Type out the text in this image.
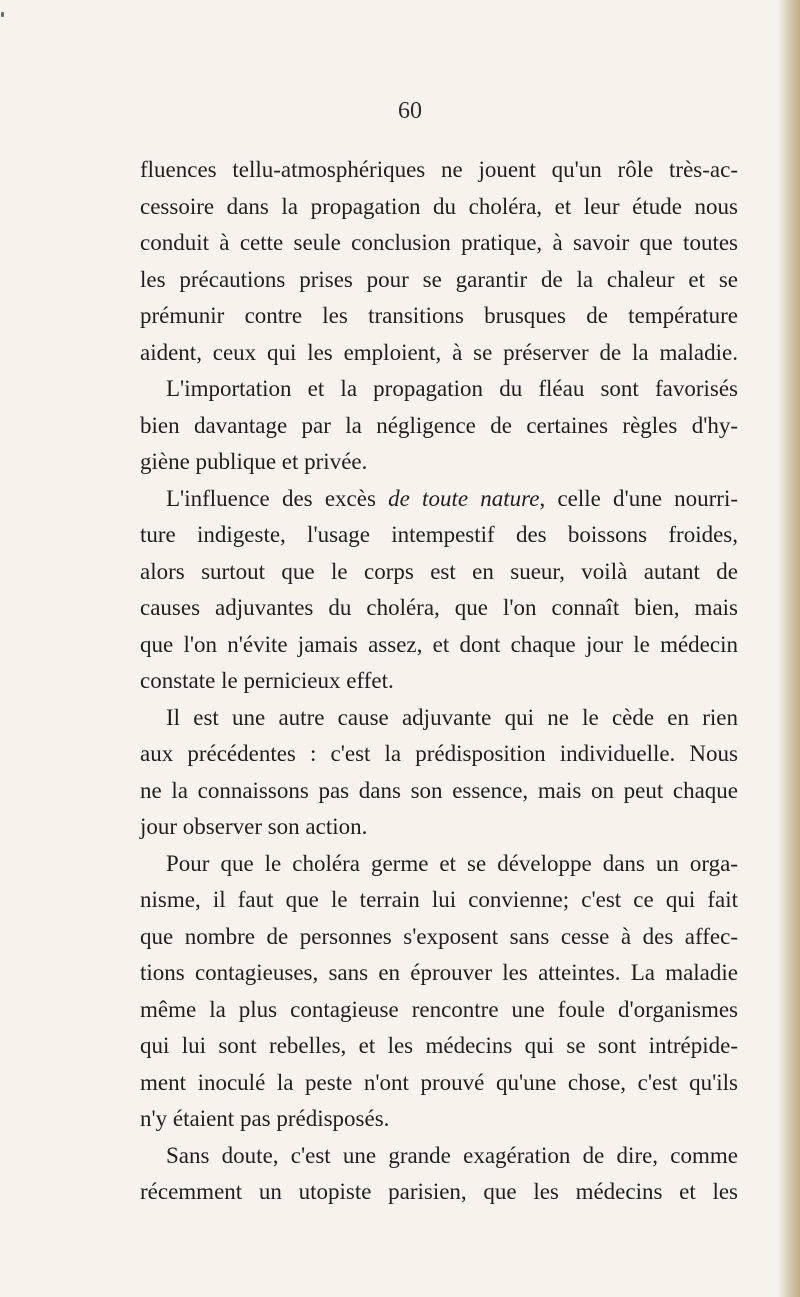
60

fluences tellu-atmosphériques ne jouent qu'un rôle très-ac-
cessoire dans la propagation du choléra, et leur étude nous
conduit à cette seule conclusion pratique, à savoir que toutes
les précautions prises pour se garantir de la chaleur et se
prémunir contre les transitions brusques de température
aident, ceux qui les emploient, à se préserver de la maladie.
L'importation et la propagation du fléau sont favorisés
bien davantage par la négligence de certaines règles d'hy-
giène publique et privée.
L'influence des excès de toute nature, celle d'une nourri-
ture indigeste, l'usage intempestif des boissons froides,
alors surtout que le corps est en sueur, voilà autant de
causes adjuvantes du choléra, que l'on connaît bien, mais
que l'on n'évite jamais assez, et dont chaque jour le médecin
constate le pernicieux effet.
Il est une autre cause adjuvante qui ne le cède en rien
aux précédentes : c'est la prédisposition individuelle. Nous
ne la connaissons pas dans son essence, mais on peut chaque
jour observer son action.
Pour que le choléra germe et se développe dans un orga-
nisme, il faut que le terrain lui convienne; c'est ce qui fait
que nombre de personnes s'exposent sans cesse à des affec-
tions contagieuses, sans en éprouver les atteintes. La maladie
même la plus contagieuse rencontre une foule d'organismes
qui lui sont rebelles, et les médecins qui se sont intrépide-
ment inoculé la peste n'ont prouvé qu'une chose, c'est qu'ils
n'y étaient pas prédisposés.
Sans doute, c'est une grande exagération de dire, comme
récemment un utopiste parisien, que les médecins et les
